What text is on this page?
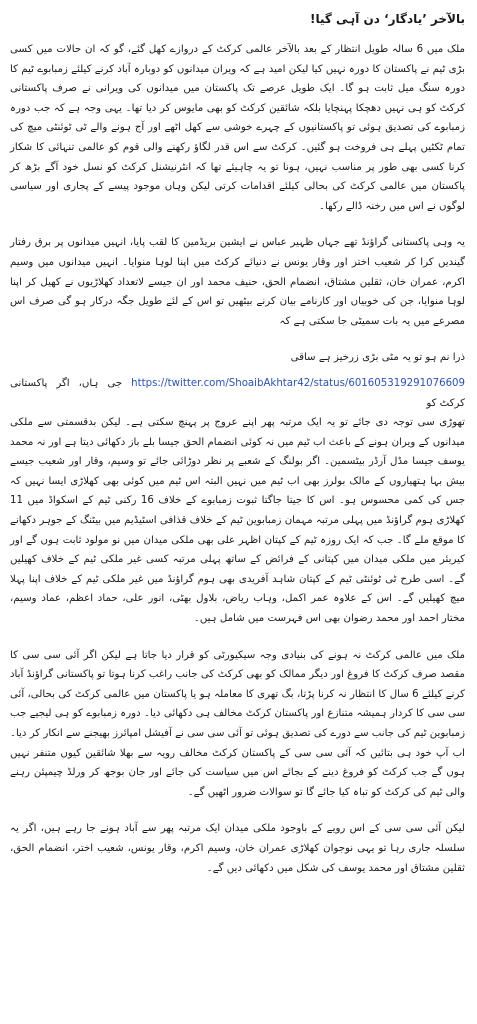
بالآخر ’یادگار‘ دن آہی گیا!

ملک میں 6 سالہ طویل انتظار کے بعد بالآخر عالمی کرکٹ کے دروازے کھل گئے، گو کہ ان حالات میں کسی بڑی ٹیم نے پاکستان کا دورہ نہیں کیا لیکن امید ہے کہ ویران میدانوں کو دوبارہ آباد کرنے کیلئے زمبابوے ٹیم کا دورہ سنگ میل ثابت ہو گا۔ ایک طویل عرصے تک پاکستان میں میدانوں کی ویرانی نے صرف پاکستانی کرکٹ کو ہی نہیں دھچکا پہنچایا بلکہ شائقین کرکٹ کو بھی مایوس کر دیا تھا۔ یہی وجہ ہے کہ جب دورہ زمبابوے کی تصدیق ہوئی تو پاکستانیوں کے چہرے خوشی سے کھل اٹھے اور آج ہونے والے ٹی ٹوئنٹی میچ کی تمام ٹکٹیں پہلے ہی فروخت ہو گئیں۔ کرکٹ سے اس قدر لگاؤ رکھنے والی قوم کو عالمی تنہائی کا شکار کرنا کسی بھی طور پر مناسب نہیں، ہونا تو یہ چاہیئے تھا کہ انٹرنیشنل کرکٹ کو نسل خود آگے بڑھ کر پاکستان میں عالمی کرکٹ کی بحالی کیلئے اقدامات کرتی لیکن وہاں موجود پیسے کے پجاری اور سیاسی لوگوں نے اس میں رخنہ ڈالے رکھا۔

یہ وہی پاکستانی گراؤنڈ تھے جہاں ظہیر عباس نے ایشین بریڈمین کا لقب پایا، انہیں میدانوں پر برق رفتار گیندیں کرا کر شعیب اختر اور وقار یونس نے دنیائے کرکٹ میں اپنا لوہا منوایا۔ انہیں میدانوں میں وسیم اکرم، عمران خان، ثقلین مشتاق، انضمام الحق، حنیف محمد اور ان جیسے لاتعداد کھلاڑیوں نے کھیل کر اپنا لوہا منوایا، جن کی خوبیاں اور کارنامے بیان کرنے بیٹھیں تو اس کے لئے طویل جگہ درکار ہو گی صرف اس مصرعے میں یہ بات سمیٹی جا سکتی ہے کہ

ذرا نم ہو تو یہ مٹی بڑی زرخیز ہے ساقی

https://twitter.com/ShoaibAkhtar42/status/601605319291076609 جی ہاں، اگر پاکستانی کرکٹ کو

تھوڑی سی توجہ دی جائے تو یہ ایک مرتبہ پھر اپنے عروج پر پہنچ سکتی ہے۔ لیکن بدقسمتی سے ملکی میدانوں کے ویران ہونے کے باعث اب ٹیم میں نہ کوئی انضمام الحق جیسا بلے باز دکھائی دیتا ہے اور نہ محمد یوسف جیسا مڈل آرڈر بیٹسمین۔ اگر بولنگ کے شعبے پر نظر دوڑائی جائے تو وسیم، وقار اور شعیب جیسے بیش بہا ہتھیاروں کے مالک بولرز بھی اب ٹیم میں نہیں البتہ اس ٹیم میں کوئی بھی کھلاڑی ایسا نہیں کہ جس کی کمی محسوس ہو۔ اس کا جیتا جاگتا ثبوت زمبابوے کے خلاف 16 رکنی ٹیم کے اسکواڈ میں 11 کھلاڑی ہوم گراؤنڈ میں پہلی مرتبہ مہمان زمبابوین ٹیم کے خلاف قذافی اسٹیڈیم میں بیٹنگ کے جوہر دکھانے کا موقع ملے گا۔ جب کہ ایک روزہ ٹیم کے کپتان اظہر علی بھی ملکی میدان میں نو مولود ثابت ہوں گے اور کیریئر میں ملکی میدان میں کپتانی کے فرائض کے ساتھ پہلی مرتبہ کسی غیر ملکی ٹیم کے خلاف کھیلیں گے۔ اسی طرح ٹی ٹوئنٹی ٹیم کے کپتان شاہد آفریدی بھی ہوم گراؤنڈ میں غیر ملکی ٹیم کے خلاف اپنا پہلا میچ کھیلیں گے۔ اس کے علاوہ عمر اکمل، وہاب ریاض، بلاول بھٹی، انور علی، حماد اعظم، عماد وسیم، مختار احمد اور محمد رضوان بھی اس فہرست میں شامل ہیں۔

ملک میں عالمی کرکٹ نہ ہونے کی بنیادی وجہ سیکیورٹی کو قرار دیا جاتا ہے لیکن اگر آئی سی سی کا مقصد صرف کرکٹ کا فروغ اور دیگر ممالک کو بھی کرکٹ کی جانب راغب کرنا ہوتا تو پاکستانی گراؤنڈ آباد کرنے کیلئے 6 سال کا انتظار نہ کرنا پڑتا، بگ تھری کا معاملہ ہو یا پاکستان میں عالمی کرکٹ کی بحالی، آئی سی سی کا کردار ہمیشہ متنازع اور پاکستان کرکٹ مخالف ہی دکھائی دیا۔ دورہ زمبابوے کو ہی لیجیے جب زمبابوین ٹیم کی جانب سے دورے کی تصدیق ہوئی تو آئی سی سی نے آفیشل امپائرز بھیجنے سے انکار کر دیا۔ اب آپ خود ہی بتائیں کہ آئی سی سی کے پاکستان کرکٹ مخالف رویہ سے بھلا شائقین کیوں متنفر نہیں ہوں گے جب کرکٹ کو فروغ دینے کے بجائے اس میں سیاست کی جائے اور جان بوجھ کر ورلڈ چیمپئن رہنے والی ٹیم کی کرکٹ کو تباہ کیا جائے گا تو سوالات ضرور اٹھیں گے۔

لیکن آئی سی سی کے اس رویے کے باوجود ملکی میدان ایک مرتبہ پھر سے آباد ہونے جا رہے ہیں، اگر یہ سلسلہ جاری رہا تو یہی نوجوان کھلاڑی عمران خان، وسیم اکرم، وقار یونس، شعیب اختر، انضمام الحق، ثقلین مشتاق اور محمد یوسف کی شکل میں دکھائی دیں گے۔
